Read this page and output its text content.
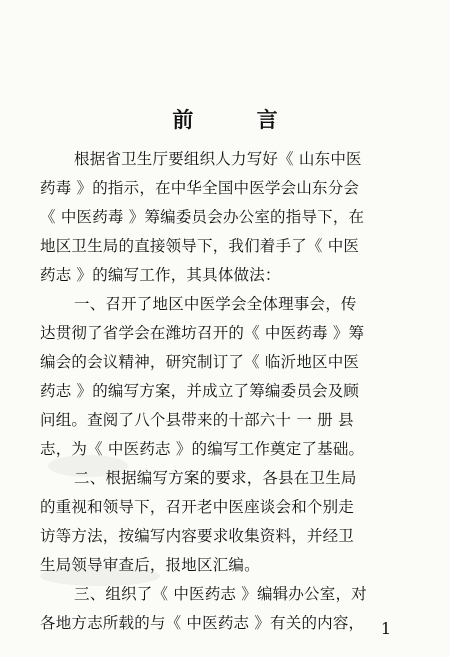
前 言
根据省卫生厅要组织人力写好《 山东中医
药毒 》的指示，在中华全国中医学会山东分会
《 中医药毒 》筹编委员会办公室的指导下，在
地区卫生局的直接领导下，我们着手了《 中医
药志 》的编写工作，其具体做法：
一、召开了地区中医学会全体理事会，传
达贯彻了省学会在潍坊召开的《 中医药毒 》筹
编会的会议精神，研究制订了《 临沂地区中医
药志 》的编写方案，并成立了筹编委员会及顾
问组。查阅了八个县带来的十部六十 一 册 县
志，为《 中医药志 》的编写工作奠定了基础。
二、根据编写方案的要求，各县在卫生局
的重视和领导下，召开老中医座谈会和个别走
访等方法，按编写内容要求收集资料，并经卫
生局领导审查后，报地区汇编。
三、组织了《 中医药志 》编辑办公室，对
各地方志所载的与《 中医药志 》有关的内容，	1
